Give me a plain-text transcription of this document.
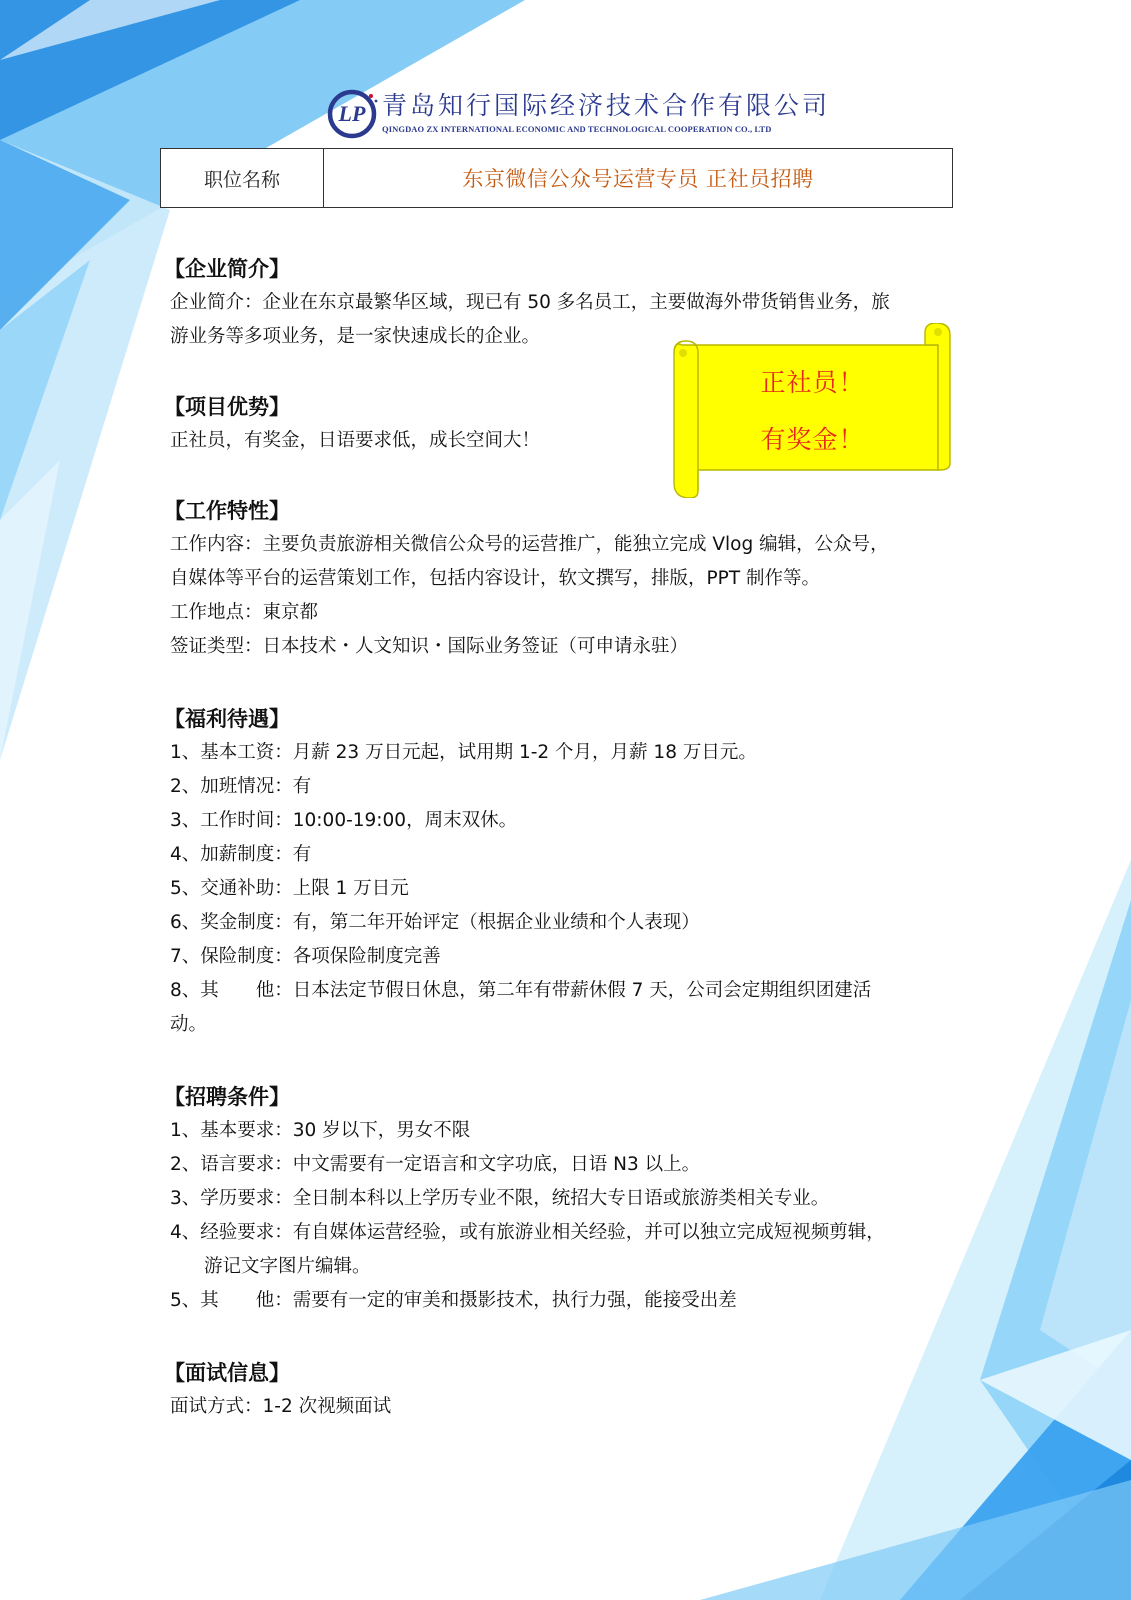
LP 青岛知行国际经济技术合作有限公司
QINGDAO ZX INTERNATIONAL ECONOMIC AND TECHNOLOGICAL COOPERATION CO., LTD
职位名称	东京微信公众号运营专员 正社员招聘
正社员！
有奖金！
【企业简介】
企业简介：企业在东京最繁华区域，现已有 50 多名员工，主要做海外带货销售业务，旅
游业务等多项业务，是一家快速成长的企业。
【项目优势】
正社员，有奖金，日语要求低，成长空间大！
【工作特性】
工作内容：主要负责旅游相关微信公众号的运营推广，能独立完成 Vlog 编辑，公众号，
自媒体等平台的运营策划工作，包括内容设计，软文撰写，排版，PPT 制作等。
工作地点：東京都
签证类型：日本技术・人文知识・国际业务签证（可申请永驻）
【福利待遇】
1、基本工资：月薪 23 万日元起，试用期 1-2 个月，月薪 18 万日元。
2、加班情况：有
3、工作时间：10:00-19:00，周末双休。
4、加薪制度：有
5、交通补助：上限 1 万日元
6、奖金制度：有，第二年开始评定（根据企业业绩和个人表现）
7、保险制度：各项保险制度完善
8、其　　他：日本法定节假日休息，第二年有带薪休假 7 天，公司会定期组织团建活
动。
【招聘条件】
1、基本要求：30 岁以下，男女不限
2、语言要求：中文需要有一定语言和文字功底，日语 N3 以上。
3、学历要求：全日制本科以上学历专业不限，统招大专日语或旅游类相关专业。
4、经验要求：有自媒体运营经验，或有旅游业相关经验，并可以独立完成短视频剪辑，
游记文字图片编辑。
5、其　　他：需要有一定的审美和摄影技术，执行力强，能接受出差
【面试信息】
面试方式：1-2 次视频面试
